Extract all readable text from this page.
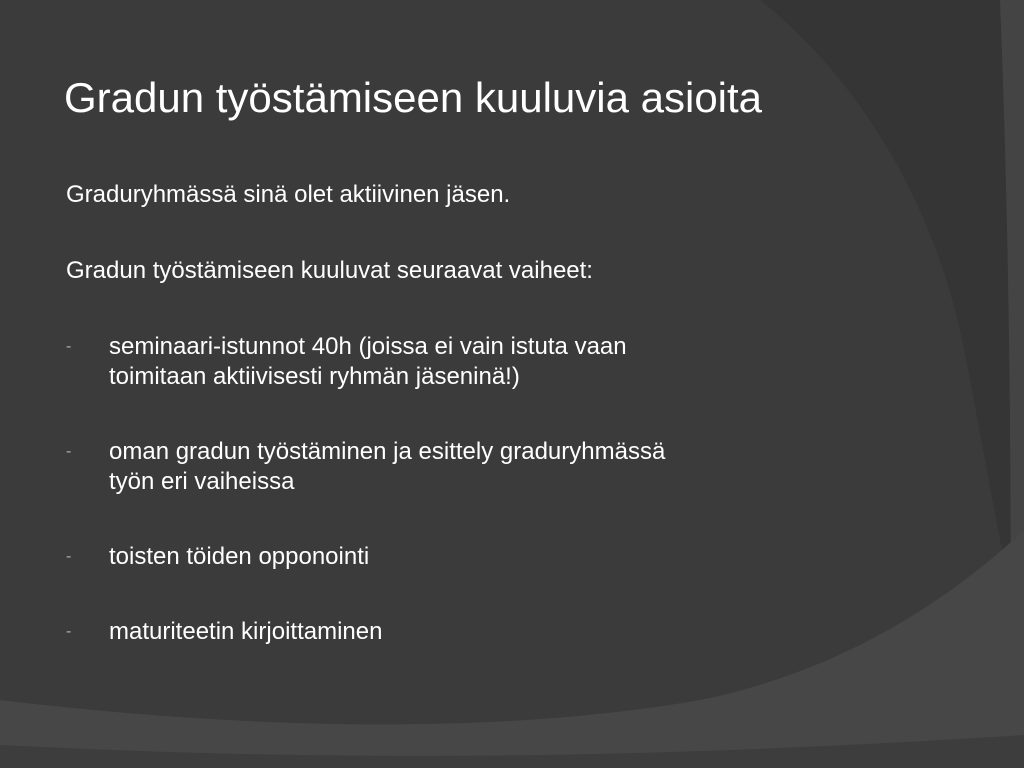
Gradun työstämiseen kuuluvia asioita

Graduryhmässä sinä olet aktiivinen jäsen.

Gradun työstämiseen kuuluvat seuraavat vaiheet:

- seminaari-istunnot 40h (joissa ei vain istuta vaan
toimitaan aktiivisesti ryhmän jäseninä!)
- oman gradun työstäminen ja esittely graduryhmässä
työn eri vaiheissa
- toisten töiden opponointi
- maturiteetin kirjoittaminen
